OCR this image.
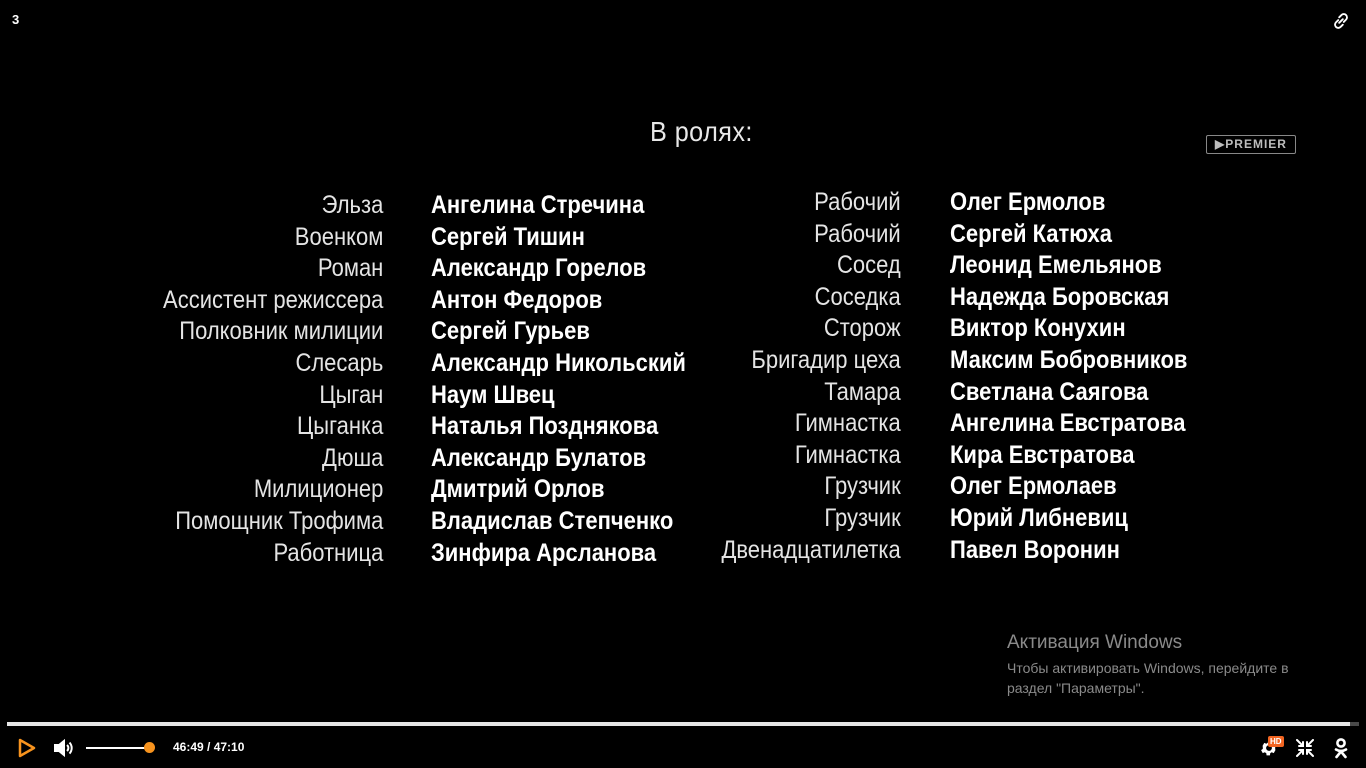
3
В ролях:	▶PREMIER
Эльза
Военком
Роман
Ассистент режиссера
Полковник милиции
Слесарь
Цыган
Цыганка
Дюша
Милиционер
Помощник Трофима
Работница
Ангелина Стречина
Сергей Тишин
Александр Горелов
Антон Федоров
Сергей Гурьев
Александр Никольский
Наум Швец
Наталья Позднякова
Александр Булатов
Дмитрий Орлов
Владислав Степченко
Зинфира Арсланова
Рабочий
Рабочий
Сосед
Соседка
Сторож
Бригадир цеха
Тамара
Гимнастка
Гимнастка
Грузчик
Грузчик
Двенадцатилетка
Олег Ермолов
Сергей Катюха
Леонид Емельянов
Надежда Боровская
Виктор Конухин
Максим Бобровников
Светлана Саягова
Ангелина Евстратова
Кира Евстратова
Олег Ермолаев
Юрий Либневиц
Павел Воронин
Активация Windows
Чтобы активировать Windows, перейдите в раздел "Параметры".
46:49 / 47:10	HD
